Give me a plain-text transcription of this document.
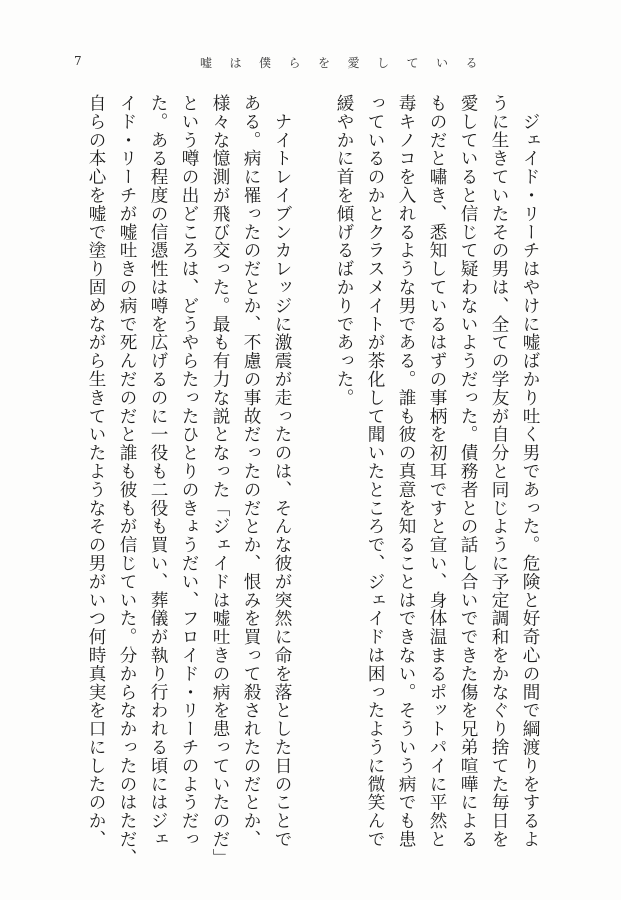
7	嘘は僕らを愛している
　ジェイド・リーチはやけに嘘ばかり吐く男であった。危険と好奇心の間で綱渡りをするよ
うに生きていたその男は、全ての学友が自分と同じように予定調和をかなぐり捨てた毎日を
愛していると信じて疑わないようだった。債務者との話し合いでできた傷を兄弟喧嘩による
ものだと嘯き、悉知しているはずの事柄を初耳ですと宣い、身体温まるポットパイに平然と
毒キノコを入れるような男である。誰も彼の真意を知ることはできない。そういう病でも患
っているのかとクラスメイトが茶化して聞いたところで、ジェイドは困ったように微笑んで
緩やかに首を傾げるばかりであった。
　ナイトレイブンカレッジに激震が走ったのは、そんな彼が突然に命を落とした日のことで
ある。病に罹ったのだとか、不慮の事故だったのだとか、恨みを買って殺されたのだとか、
様々な憶測が飛び交った。最も有力な説となった「ジェイドは嘘吐きの病を患っていたのだ」
という噂の出どころは、どうやらたったひとりのきょうだい、フロイド・リーチのようだっ
た。ある程度の信憑性は噂を広げるのに一役も二役も買い、葬儀が執り行われる頃にはジェ
イド・リーチが嘘吐きの病で死んだのだと誰も彼もが信じていた。分からなかったのはただ、
自らの本心を嘘で塗り固めながら生きていたようなその男がいつ何時真実を口にしたのか、
